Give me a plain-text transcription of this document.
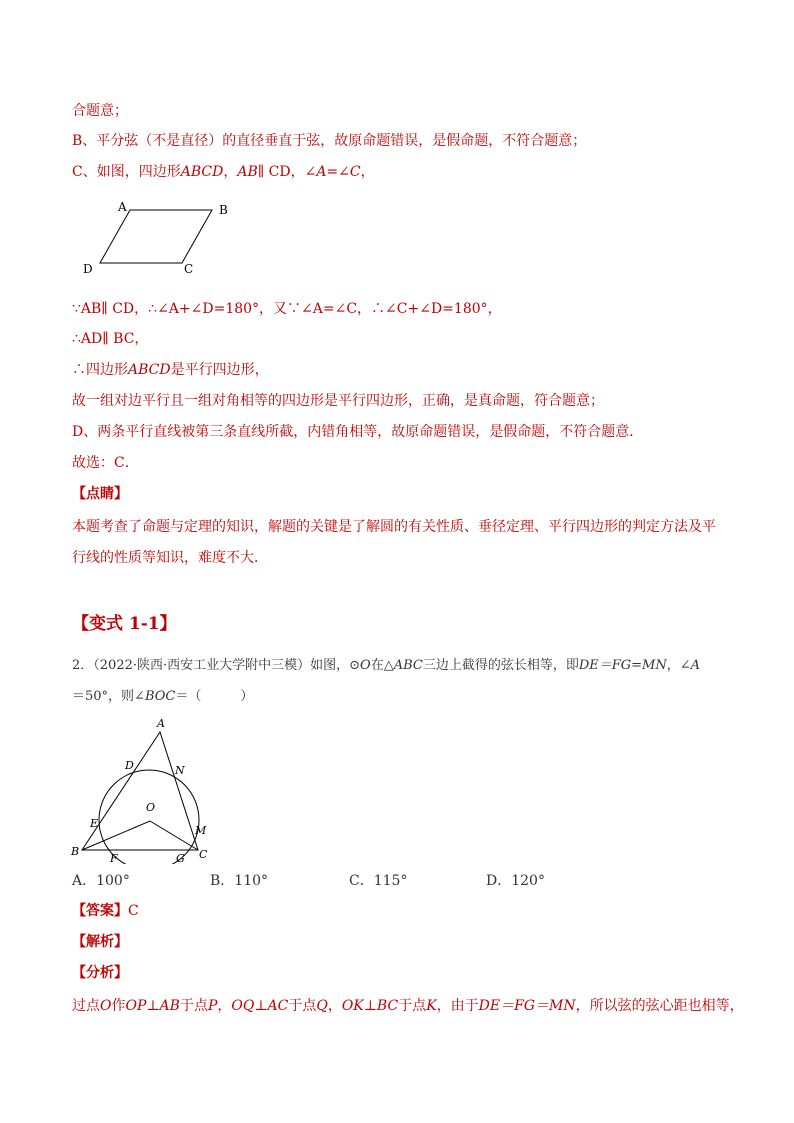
合题意；
B、平分弦（不是直径）的直径垂直于弦，故原命题错误，是假命题，不符合题意；
C、如图，四边形ABCD，AB∥ CD，∠A=∠C，
A	B
C
D
∵AB∥ CD，∴∠A+∠D=180°，又∵∠A=∠C，∴∠C+∠D=180°，
∴AD∥ BC，
∴四边形ABCD是平行四边形，
故一组对边平行且一组对角相等的四边形是平行四边形，正确，是真命题，符合题意；
D、两条平行直线被第三条直线所截，内错角相等，故原命题错误，是假命题，不符合题意．
故选：C．
【点睛】
本题考查了命题与定理的知识，解题的关键是了解圆的有关性质、垂径定理、平行四边形的判定方法及平
行线的性质等知识，难度不大．
【变式 1-1】
2．（2022·陕西·西安工业大学附中三模）如图，⊙O在△ABC三边上截得的弦长相等，即DE＝FG=MN，∠A
＝50°，则∠BOC＝（　　　）
A
B	C
D	N
O
E
M
F	G
A．100°	B．110°	C．115°	D．120°
【答案】C
【解析】
【分析】
过点O作OP⊥AB于点P，OQ⊥AC于点Q，OK⊥BC于点K，由于DE＝FG＝MN，所以弦的弦心距也相等，
